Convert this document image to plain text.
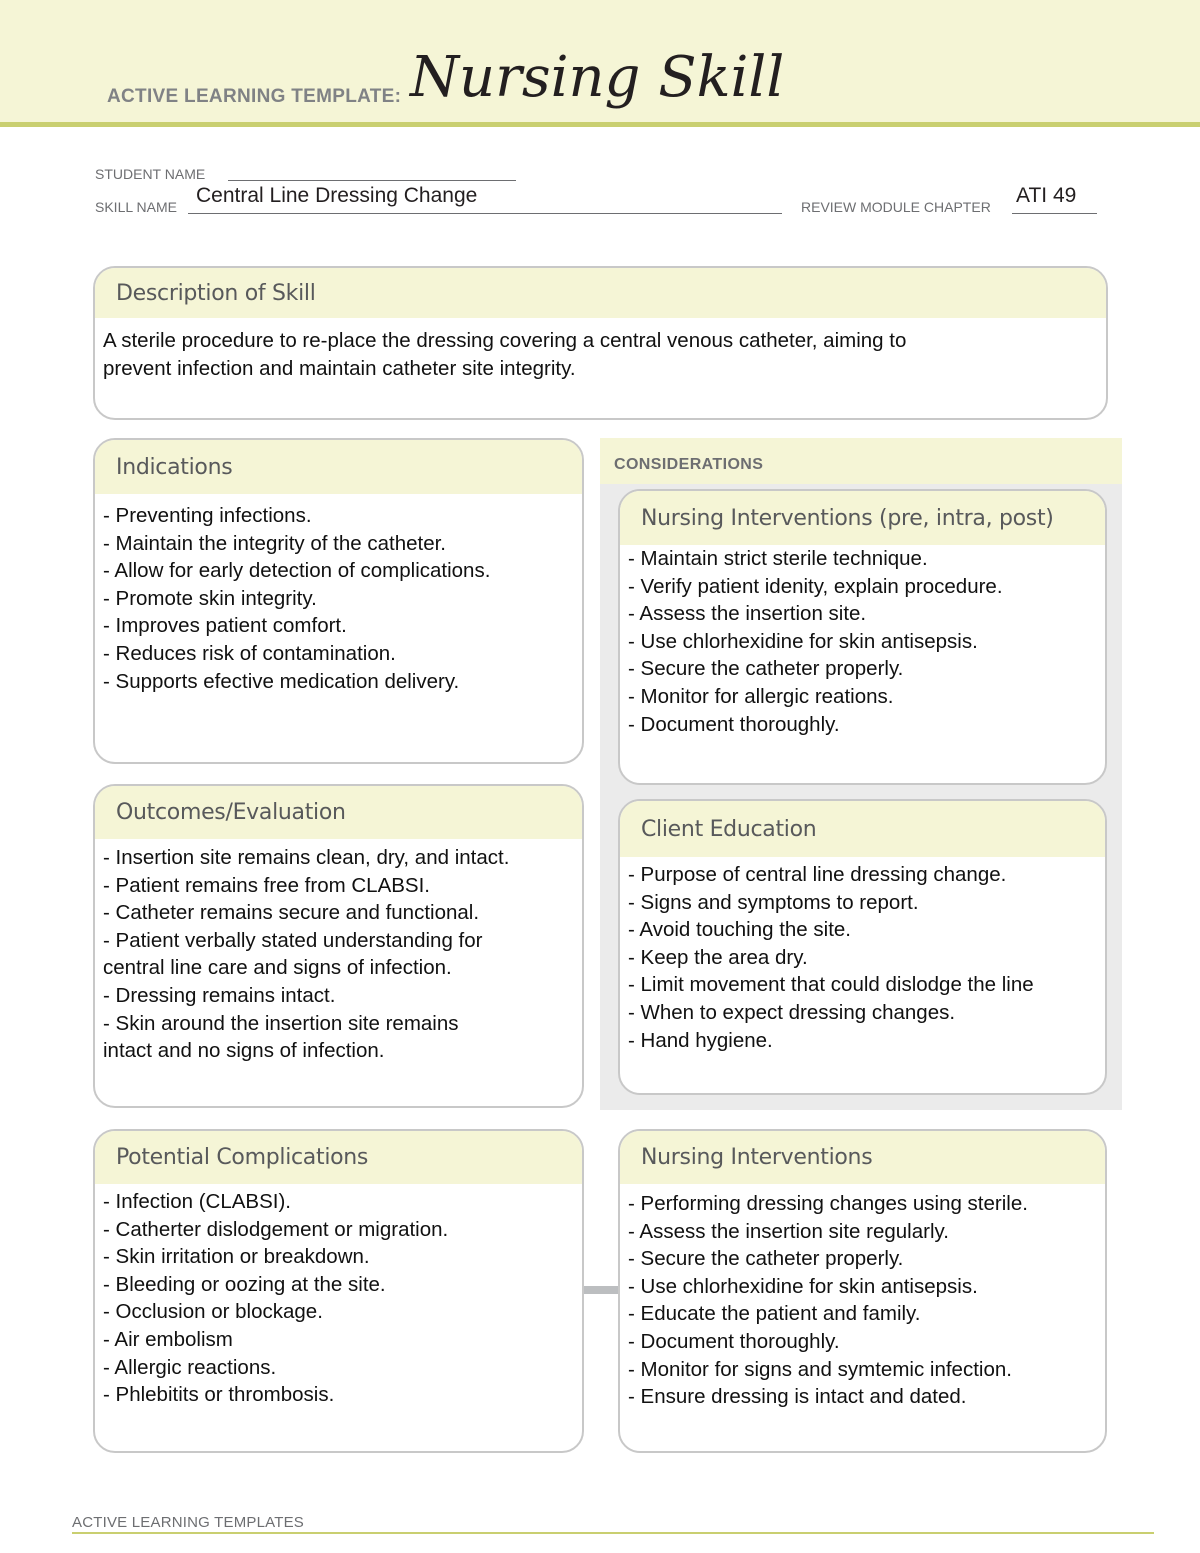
ACTIVE LEARNING TEMPLATE: Nursing Skill
STUDENT NAME
SKILL NAME Central Line Dressing Change	REVIEW MODULE CHAPTER ATI 49
Description of Skill
A sterile procedure to re-place the dressing covering a central venous catheter, aiming to
prevent infection and maintain catheter site integrity.
CONSIDERATIONS
Indications
- Preventing infections.
- Maintain the integrity of the catheter.
- Allow for early detection of complications.
- Promote skin integrity.
- Improves patient comfort.
- Reduces risk of contamination.
- Supports efective medication delivery.
Nursing Interventions (pre, intra, post)
- Maintain strict sterile technique.
- Verify patient idenity, explain procedure.
- Assess the insertion site.
- Use chlorhexidine for skin antisepsis.
- Secure the catheter properly.
- Monitor for allergic reations.
- Document thoroughly.
Outcomes/Evaluation
- Insertion site remains clean, dry, and intact.
- Patient remains free from CLABSI.
- Catheter remains secure and functional.
- Patient verbally stated understanding for
central line care and signs of infection.
- Dressing remains intact.
- Skin around the insertion site remains
intact and no signs of infection.
Client Education
- Purpose of central line dressing change.
- Signs and symptoms to report.
- Avoid touching the site.
- Keep the area dry.
- Limit movement that could dislodge the line
- When to expect dressing changes.
- Hand hygiene.
Potential Complications
- Infection (CLABSI).
- Catherter dislodgement or migration.
- Skin irritation or breakdown.
- Bleeding or oozing at the site.
- Occlusion or blockage.
- Air embolism
- Allergic reactions.
- Phlebitits or thrombosis.
Nursing Interventions
- Performing dressing changes using sterile.
- Assess the insertion site regularly.
- Secure the catheter properly.
- Use chlorhexidine for skin antisepsis.
- Educate the patient and family.
- Document thoroughly.
- Monitor for signs and symtemic infection.
- Ensure dressing is intact and dated.
ACTIVE LEARNING TEMPLATES
